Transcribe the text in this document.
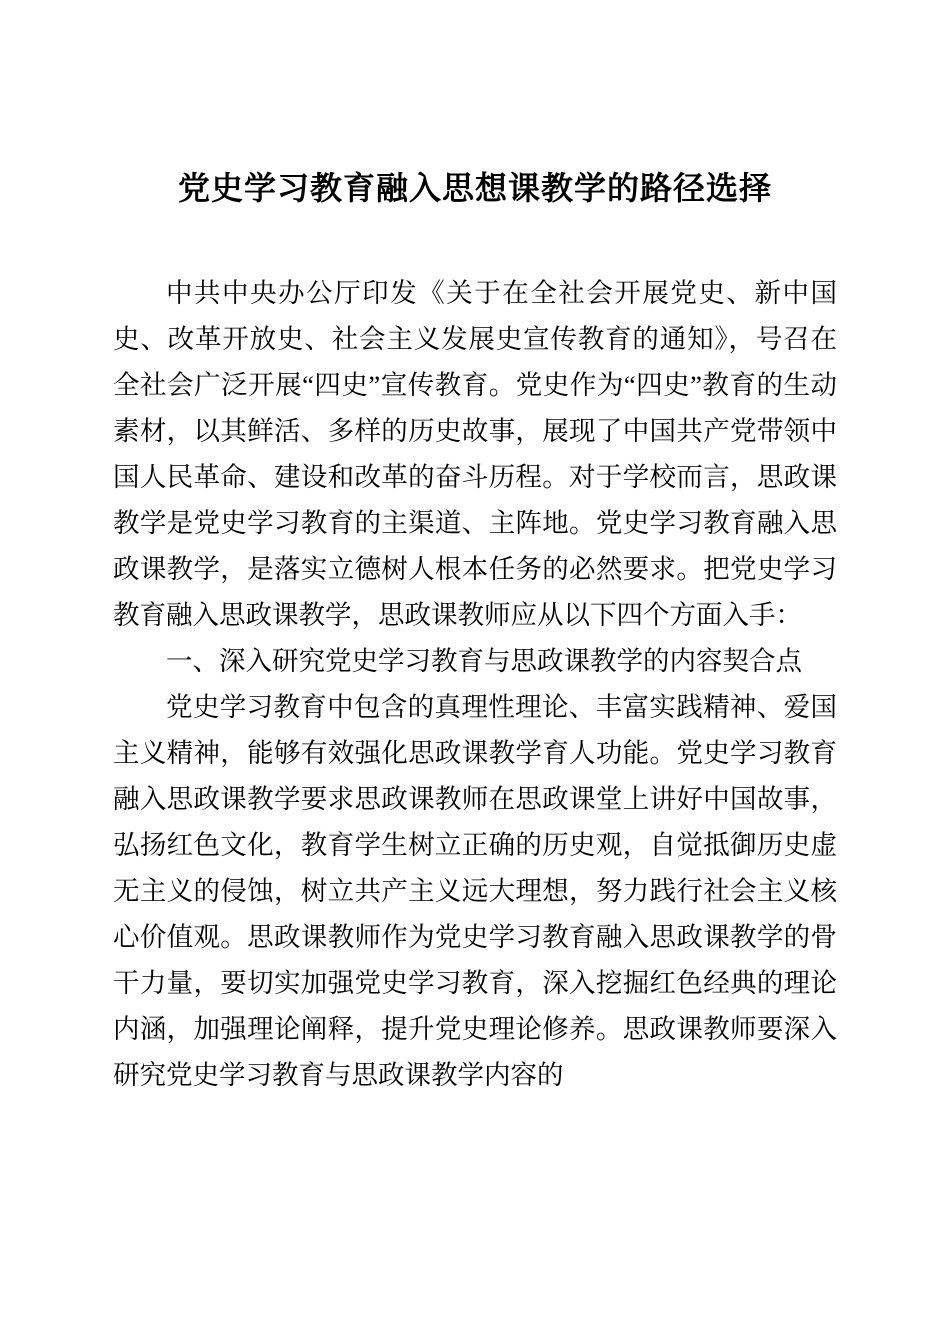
党史学习教育融入思想课教学的路径选择

中共中央办公厅印发《关于在全社会开展党史、新中国史、改革开放史、社会主义发展史宣传教育的通知》，号召在全社会广泛开展“四史”宣传教育。党史作为“四史”教育的生动素材，以其鲜活、多样的历史故事，展现了中国共产党带领中国人民革命、建设和改革的奋斗历程。对于学校而言，思政课教学是党史学习教育的主渠道、主阵地。党史学习教育融入思政课教学，是落实立德树人根本任务的必然要求。把党史学习教育融入思政课教学，思政课教师应从以下四个方面入手：

一、深入研究党史学习教育与思政课教学的内容契合点

党史学习教育中包含的真理性理论、丰富实践精神、爱国主义精神，能够有效强化思政课教学育人功能。党史学习教育融入思政课教学要求思政课教师在思政课堂上讲好中国故事，弘扬红色文化，教育学生树立正确的历史观，自觉抵御历史虚无主义的侵蚀，树立共产主义远大理想，努力践行社会主义核心价值观。思政课教师作为党史学习教育融入思政课教学的骨干力量，要切实加强党史学习教育，深入挖掘红色经典的理论内涵，加强理论阐释，提升党史理论修养。思政课教师要深入研究党史学习教育与思政课教学内容的
